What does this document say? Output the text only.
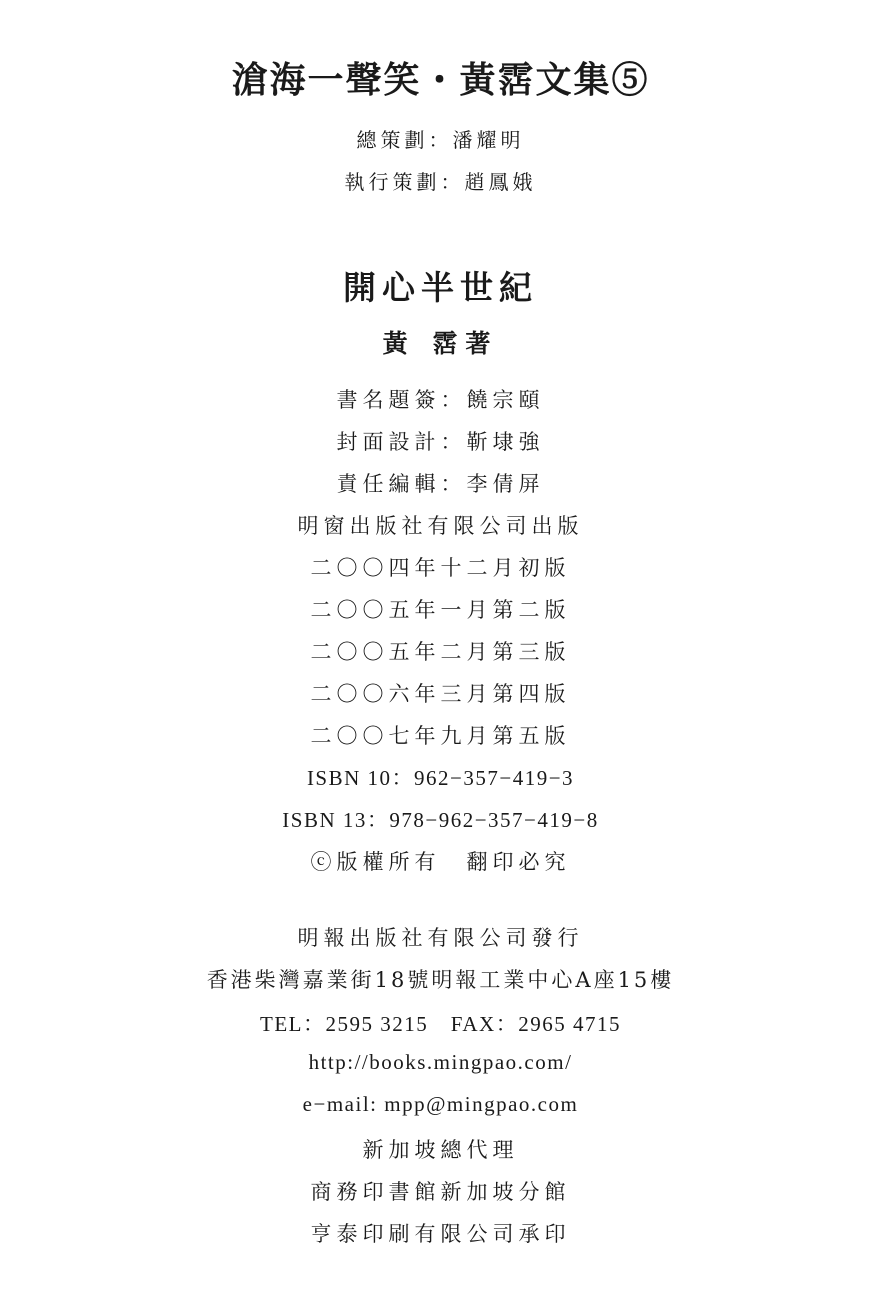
滄海一聲笑・黃霑文集⑤
總策劃：潘耀明
執行策劃：趙鳳娥
開心半世紀
黃 霑著
書名題簽：饒宗頤
封面設計：靳埭強
責任編輯：李倩屏
明窗出版社有限公司出版
二〇〇四年十二月初版
二〇〇五年一月第二版
二〇〇五年二月第三版
二〇〇六年三月第四版
二〇〇七年九月第五版
ISBN 10：962−357−419−3
ISBN 13：978−962−357−419−8
ⓒ版權所有　翻印必究
明報出版社有限公司發行
香港柴灣嘉業街18號明報工業中心A座15樓
TEL：2595 3215　FAX：2965 4715
http://books.mingpao.com/
e−mail: mpp@mingpao.com
新加坡總代理
商務印書館新加坡分館
亨泰印刷有限公司承印
